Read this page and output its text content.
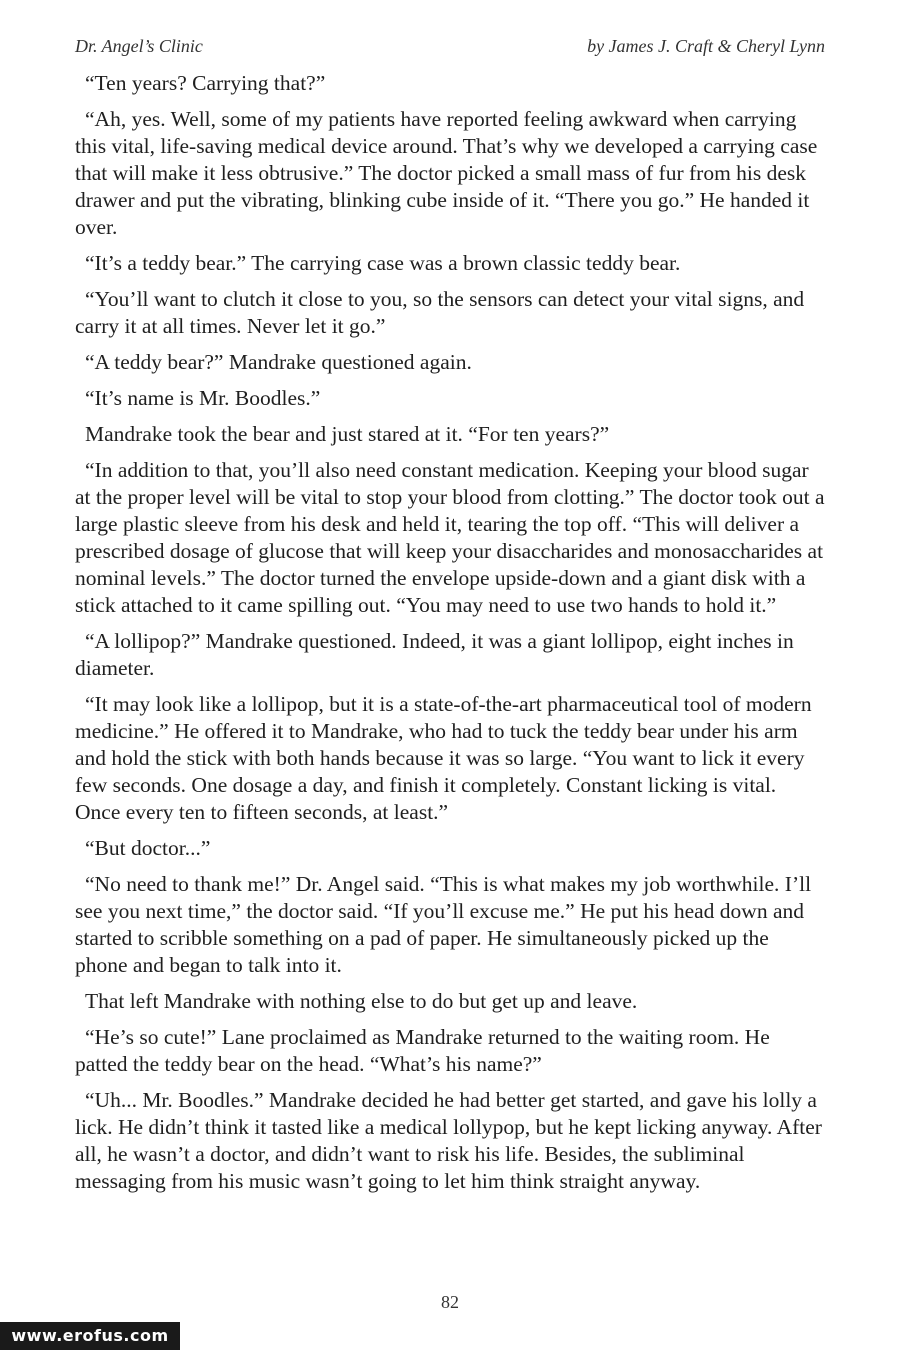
Dr. Angel’s Clinic	by James J. Craft & Cheryl Lynn

“Ten years? Carrying that?”

“Ah, yes. Well, some of my patients have reported feeling awkward when carrying this vital, life-saving medical device around. That’s why we developed a carrying case that will make it less obtrusive.” The doctor picked a small mass of fur from his desk drawer and put the vibrating, blinking cube inside of it. “There you go.” He handed it over.

“It’s a teddy bear.” The carrying case was a brown classic teddy bear.

“You’ll want to clutch it close to you, so the sensors can detect your vital signs, and carry it at all times. Never let it go.”

“A teddy bear?” Mandrake questioned again.

“It’s name is Mr. Boodles.”

Mandrake took the bear and just stared at it. “For ten years?”

“In addition to that, you’ll also need constant medication. Keeping your blood sugar at the proper level will be vital to stop your blood from clotting.” The doctor took out a large plastic sleeve from his desk and held it, tearing the top off. “This will deliver a prescribed dosage of glucose that will keep your disaccharides and monosaccharides at nominal levels.” The doctor turned the envelope upside-down and a giant disk with a stick attached to it came spilling out. “You may need to use two hands to hold it.”

“A lollipop?” Mandrake questioned. Indeed, it was a giant lollipop, eight inches in diameter.

“It may look like a lollipop, but it is a state-of-the-art pharmaceutical tool of modern medicine.” He offered it to Mandrake, who had to tuck the teddy bear under his arm and hold the stick with both hands because it was so large. “You want to lick it every few seconds. One dosage a day, and finish it completely. Constant licking is vital. Once every ten to fifteen seconds, at least.”

“But doctor...”

“No need to thank me!” Dr. Angel said. “This is what makes my job worthwhile. I’ll see you next time,” the doctor said. “If you’ll excuse me.” He put his head down and started to scribble something on a pad of paper. He simultaneously picked up the phone and began to talk into it.

That left Mandrake with nothing else to do but get up and leave.

“He’s so cute!” Lane proclaimed as Mandrake returned to the waiting room. He patted the teddy bear on the head. “What’s his name?”

“Uh... Mr. Boodles.” Mandrake decided he had better get started, and gave his lolly a lick. He didn’t think it tasted like a medical lollypop, but he kept licking anyway. After all, he wasn’t a doctor, and didn’t want to risk his life. Besides, the subliminal messaging from his music wasn’t going to let him think straight anyway.

82
www.erofus.com
